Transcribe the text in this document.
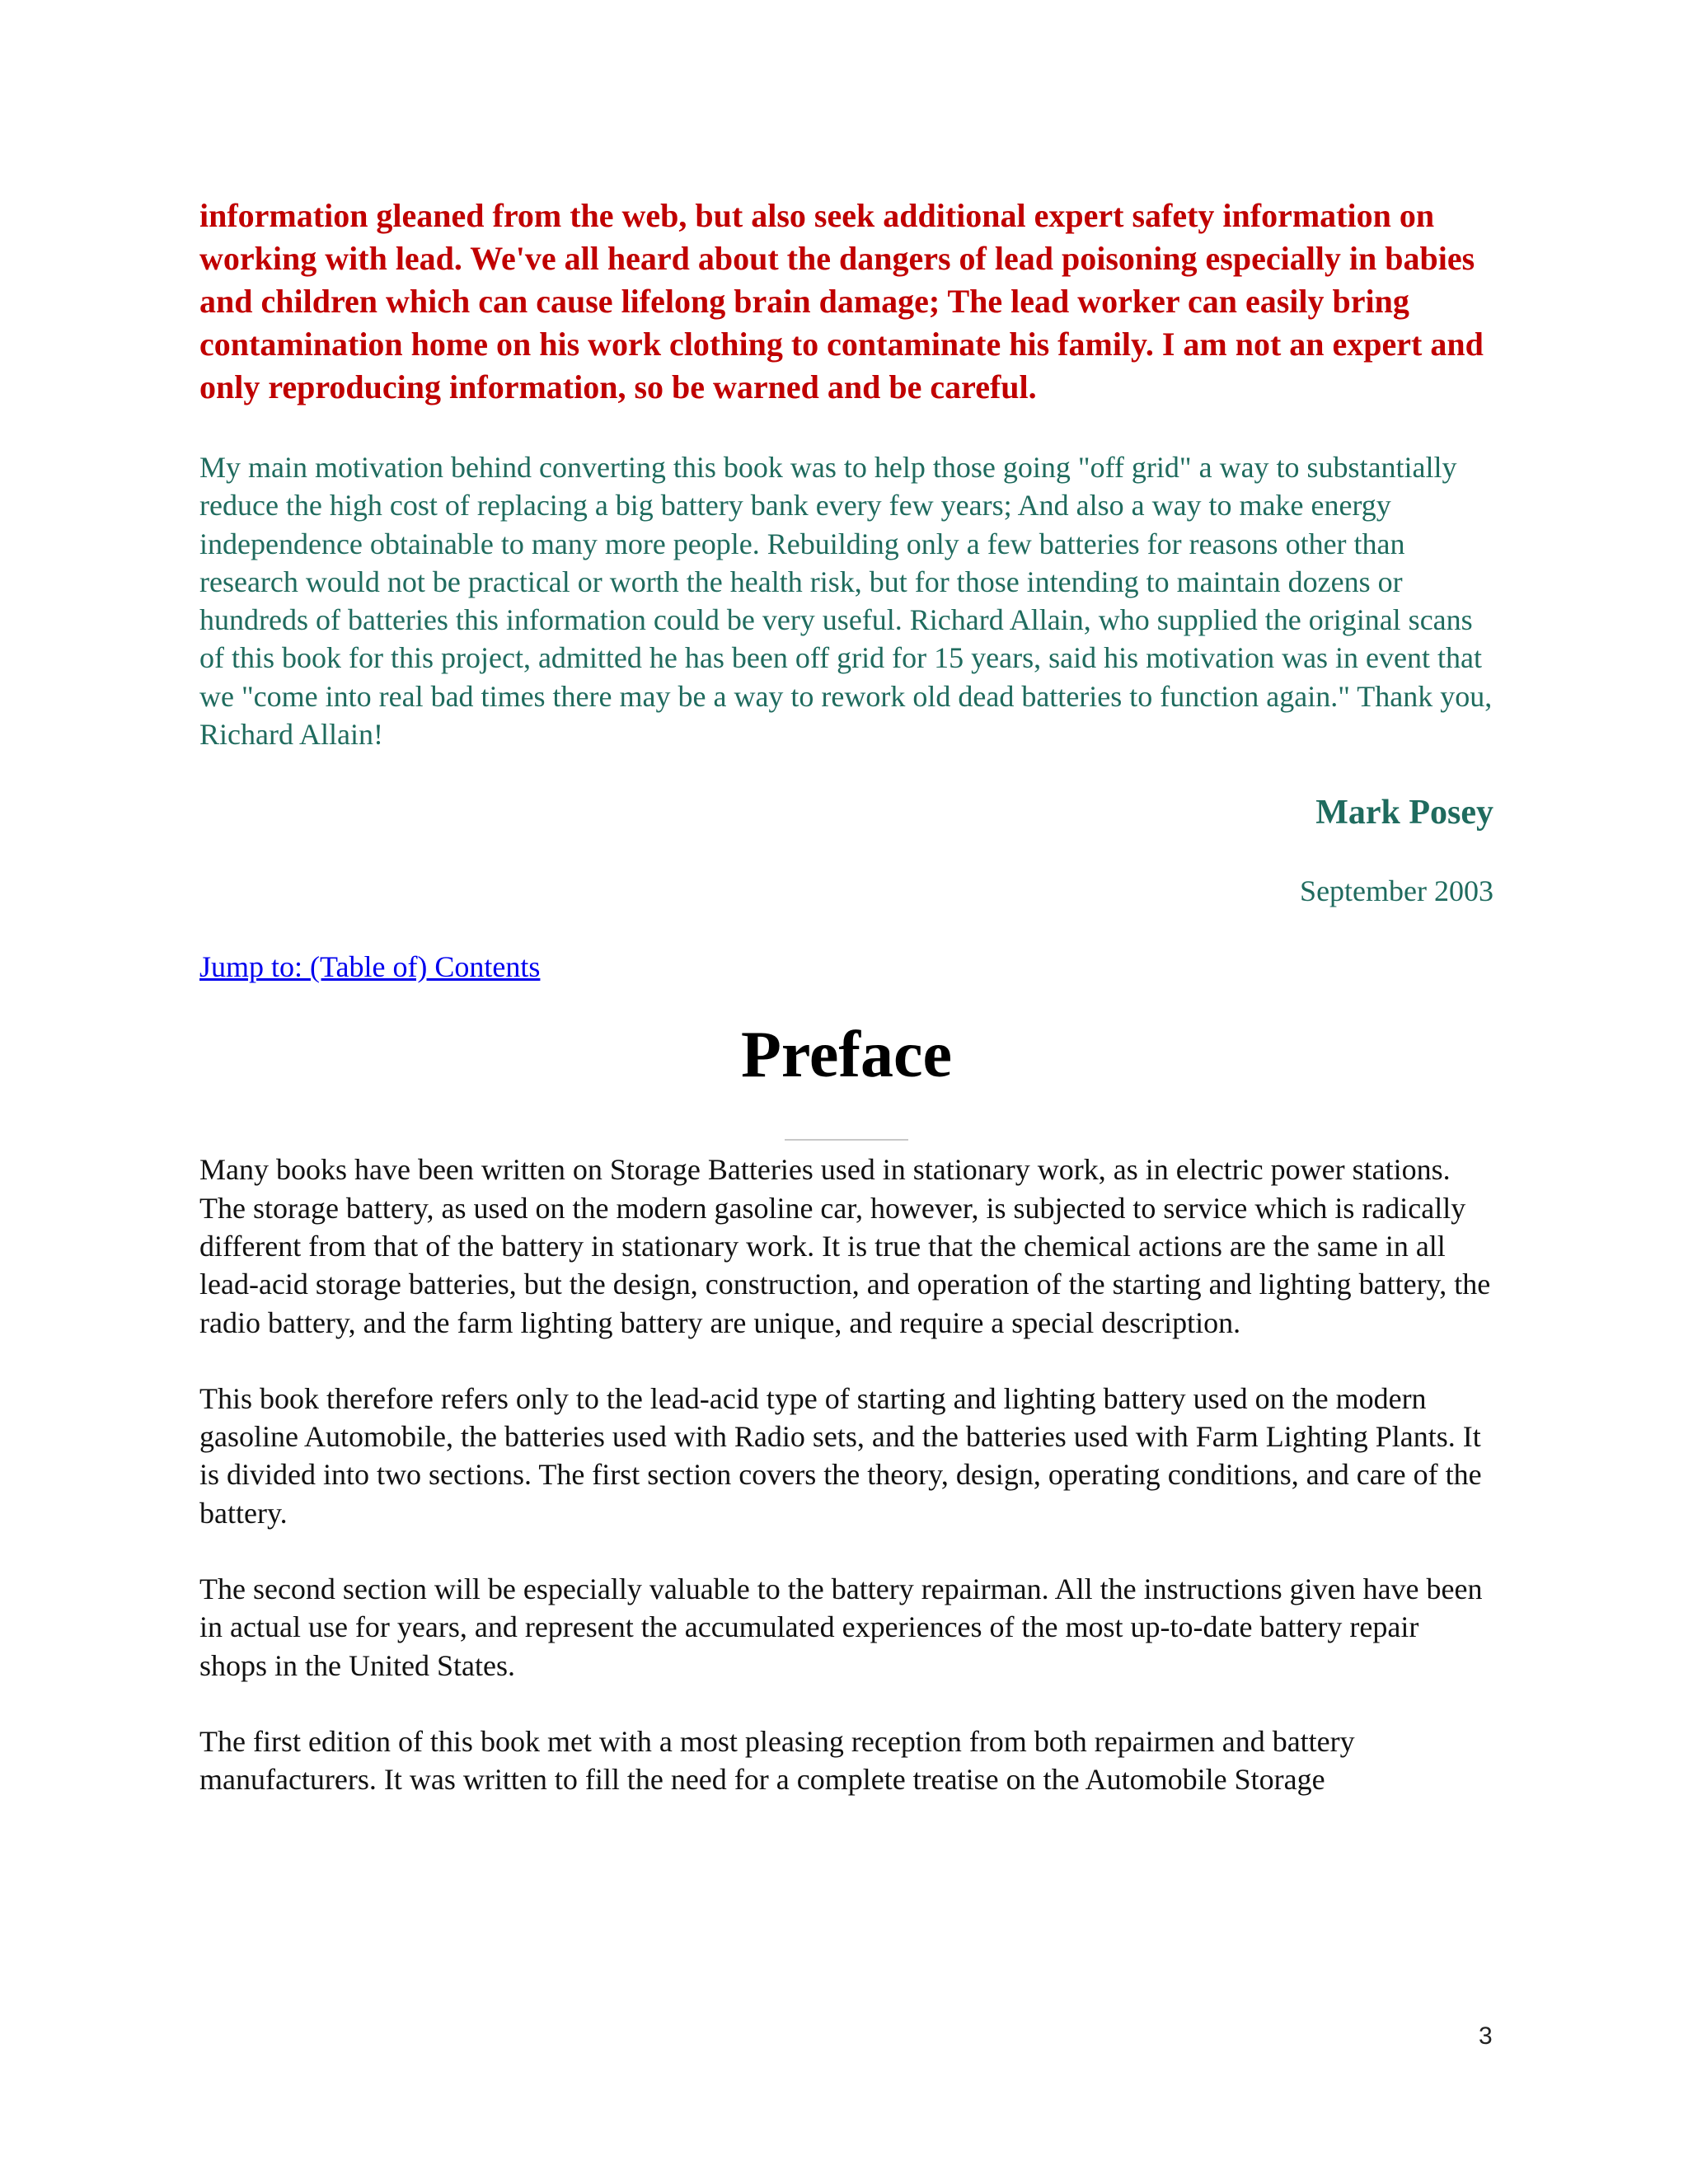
information gleaned from the web, but also seek additional expert safety information on working with lead. We've all heard about the dangers of lead poisoning especially in babies and children which can cause lifelong brain damage; The lead worker can easily bring contamination home on his work clothing to contaminate his family. I am not an expert and only reproducing information, so be warned and be careful.

My main motivation behind converting this book was to help those going "off grid" a way to substantially reduce the high cost of replacing a big battery bank every few years; And also a way to make energy independence obtainable to many more people. Rebuilding only a few batteries for reasons other than research would not be practical or worth the health risk, but for those intending to maintain dozens or hundreds of batteries this information could be very useful. Richard Allain, who supplied the original scans of this book for this project, admitted he has been off grid for 15 years, said his motivation was in event that we "come into real bad times there may be a way to rework old dead batteries to function again." Thank you, Richard Allain!

Mark Posey

September 2003

Jump to: (Table of) Contents
Preface

Many books have been written on Storage Batteries used in stationary work, as in electric power stations. The storage battery, as used on the modern gasoline car, however, is subjected to service which is radically different from that of the battery in stationary work. It is true that the chemical actions are the same in all lead-acid storage batteries, but the design, construction, and operation of the starting and lighting battery, the radio battery, and the farm lighting battery are unique, and require a special description.

This book therefore refers only to the lead-acid type of starting and lighting battery used on the modern gasoline Automobile, the batteries used with Radio sets, and the batteries used with Farm Lighting Plants. It is divided into two sections. The first section covers the theory, design, operating conditions, and care of the battery.

The second section will be especially valuable to the battery repairman. All the instructions given have been in actual use for years, and represent the accumulated experiences of the most up-to-date battery repair shops in the United States.

The first edition of this book met with a most pleasing reception from both repairmen and battery manufacturers. It was written to fill the need for a complete treatise on the Automobile Storage

3
